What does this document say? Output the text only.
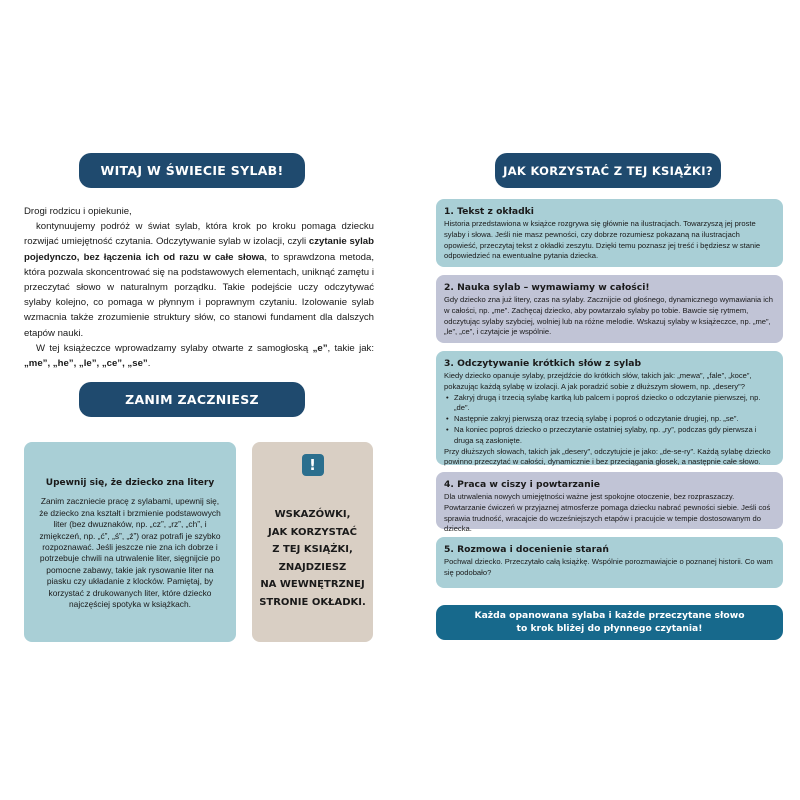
WITAJ W ŚWIECIE SYLAB!

Drogi rodzicu i opiekunie,

kontynuujemy podróż w świat sylab, która krok po kroku pomaga dziecku rozwijać umiejętność czytania. Odczytywanie sylab w izolacji, czyli czytanie sylab pojedynczo, bez łączenia ich od razu w całe słowa, to sprawdzona metoda, która pozwala skoncentrować się na podstawowych elementach, uniknąć zamętu i przeczytać słowo w naturalnym porządku. Takie podejście uczy odczytywać sylaby kolejno, co pomaga w płynnym i poprawnym czytaniu. Izolowanie sylab wzmacnia także zrozumienie struktury słów, co stanowi fundament dla dalszych etapów nauki.

W tej książeczce wprowadzamy sylaby otwarte z samogłoską „e”, takie jak: „me”, „he”, „le”, „ce”, „se”.

ZANIM ZACZNIESZ
Upewnij się, że dziecko zna litery

Zanim zaczniecie pracę z sylabami, upewnij się, że dziecko zna kształt i brzmienie podstawowych liter (bez dwuznaków, np. „cz”, „rz”, „ch”, i zmiękczeń, np. „ć”, „ś”, „ź”) oraz potrafi je szybko rozpoznawać. Jeśli jeszcze nie zna ich dobrze i potrzebuje chwili na utrwalenie liter, sięgnijcie po pomocne zabawy, takie jak rysowanie liter na piasku czy układanie z klocków. Pamiętaj, by korzystać z drukowanych liter, które dziecko najczęściej spotyka w książkach.

!
WSKAZÓWKI,
JAK KORZYSTAĆ
Z TEJ KSIĄŻKI,
ZNAJDZIESZ
NA WEWNĘTRZNEJ
STRONIE OKŁADKI.
JAK KORZYSTAĆ Z TEJ KSIĄŻKI?
1. Tekst z okładki

Historia przedstawiona w książce rozgrywa się głównie na ilustracjach. Towarzyszą jej proste sylaby i słowa. Jeśli nie masz pewności, czy dobrze rozumiesz pokazaną na ilustracjach opowieść, przeczytaj tekst z okładki zeszytu. Dzięki temu poznasz jej treść i będziesz w stanie odpowiedzieć na ewentualne pytania dziecka.

2. Nauka sylab – wymawiamy w całości!

Gdy dziecko zna już litery, czas na sylaby. Zacznijcie od głośnego, dynamicznego wymawiania ich w całości, np. „me”. Zachęcaj dziecko, aby powtarzało sylaby po tobie. Bawcie się rytmem, odczytując sylaby szybciej, wolniej lub na różne melodie. Wskazuj sylaby w książeczce, np. „me”, „le”, „ce”, i czytajcie je wspólnie.

3. Odczytywanie krótkich słów z sylab

Kiedy dziecko opanuje sylaby, przejdźcie do krótkich słów, takich jak: „mewa”, „fale”, „koce”, pokazując każdą sylabę w izolacji. A jak poradzić sobie z dłuższym słowem, np. „desery”?

• Zakryj drugą i trzecią sylabę kartką lub palcem i poproś dziecko o odczytanie pierwszej, np. „de”.
• Następnie zakryj pierwszą oraz trzecią sylabę i poproś o odczytanie drugiej, np. „se”.
• Na koniec poproś dziecko o przeczytanie ostatniej sylaby, np. „ry”, podczas gdy pierwsza i druga są zasłonięte.

Przy dłuższych słowach, takich jak „desery”, odczytujcie je jako: „de-se-ry”. Każdą sylabę dziecko powinno przeczytać w całości, dynamicznie i bez przeciągania głosek, a następnie całe słowo.

4. Praca w ciszy i powtarzanie

Dla utrwalenia nowych umiejętności ważne jest spokojne otoczenie, bez rozpraszaczy. Powtarzanie ćwiczeń w przyjaznej atmosferze pomaga dziecku nabrać pewności siebie. Jeśli coś sprawia trudność, wracajcie do wcześniejszych etapów i pracujcie w tempie dostosowanym do dziecka.

5. Rozmowa i docenienie starań

Pochwal dziecko. Przeczytało całą książkę. Wspólnie porozmawiajcie o poznanej historii. Co wam się podobało?

Każda opanowana sylaba i każde przeczytane słowo
to krok bliżej do płynnego czytania!
